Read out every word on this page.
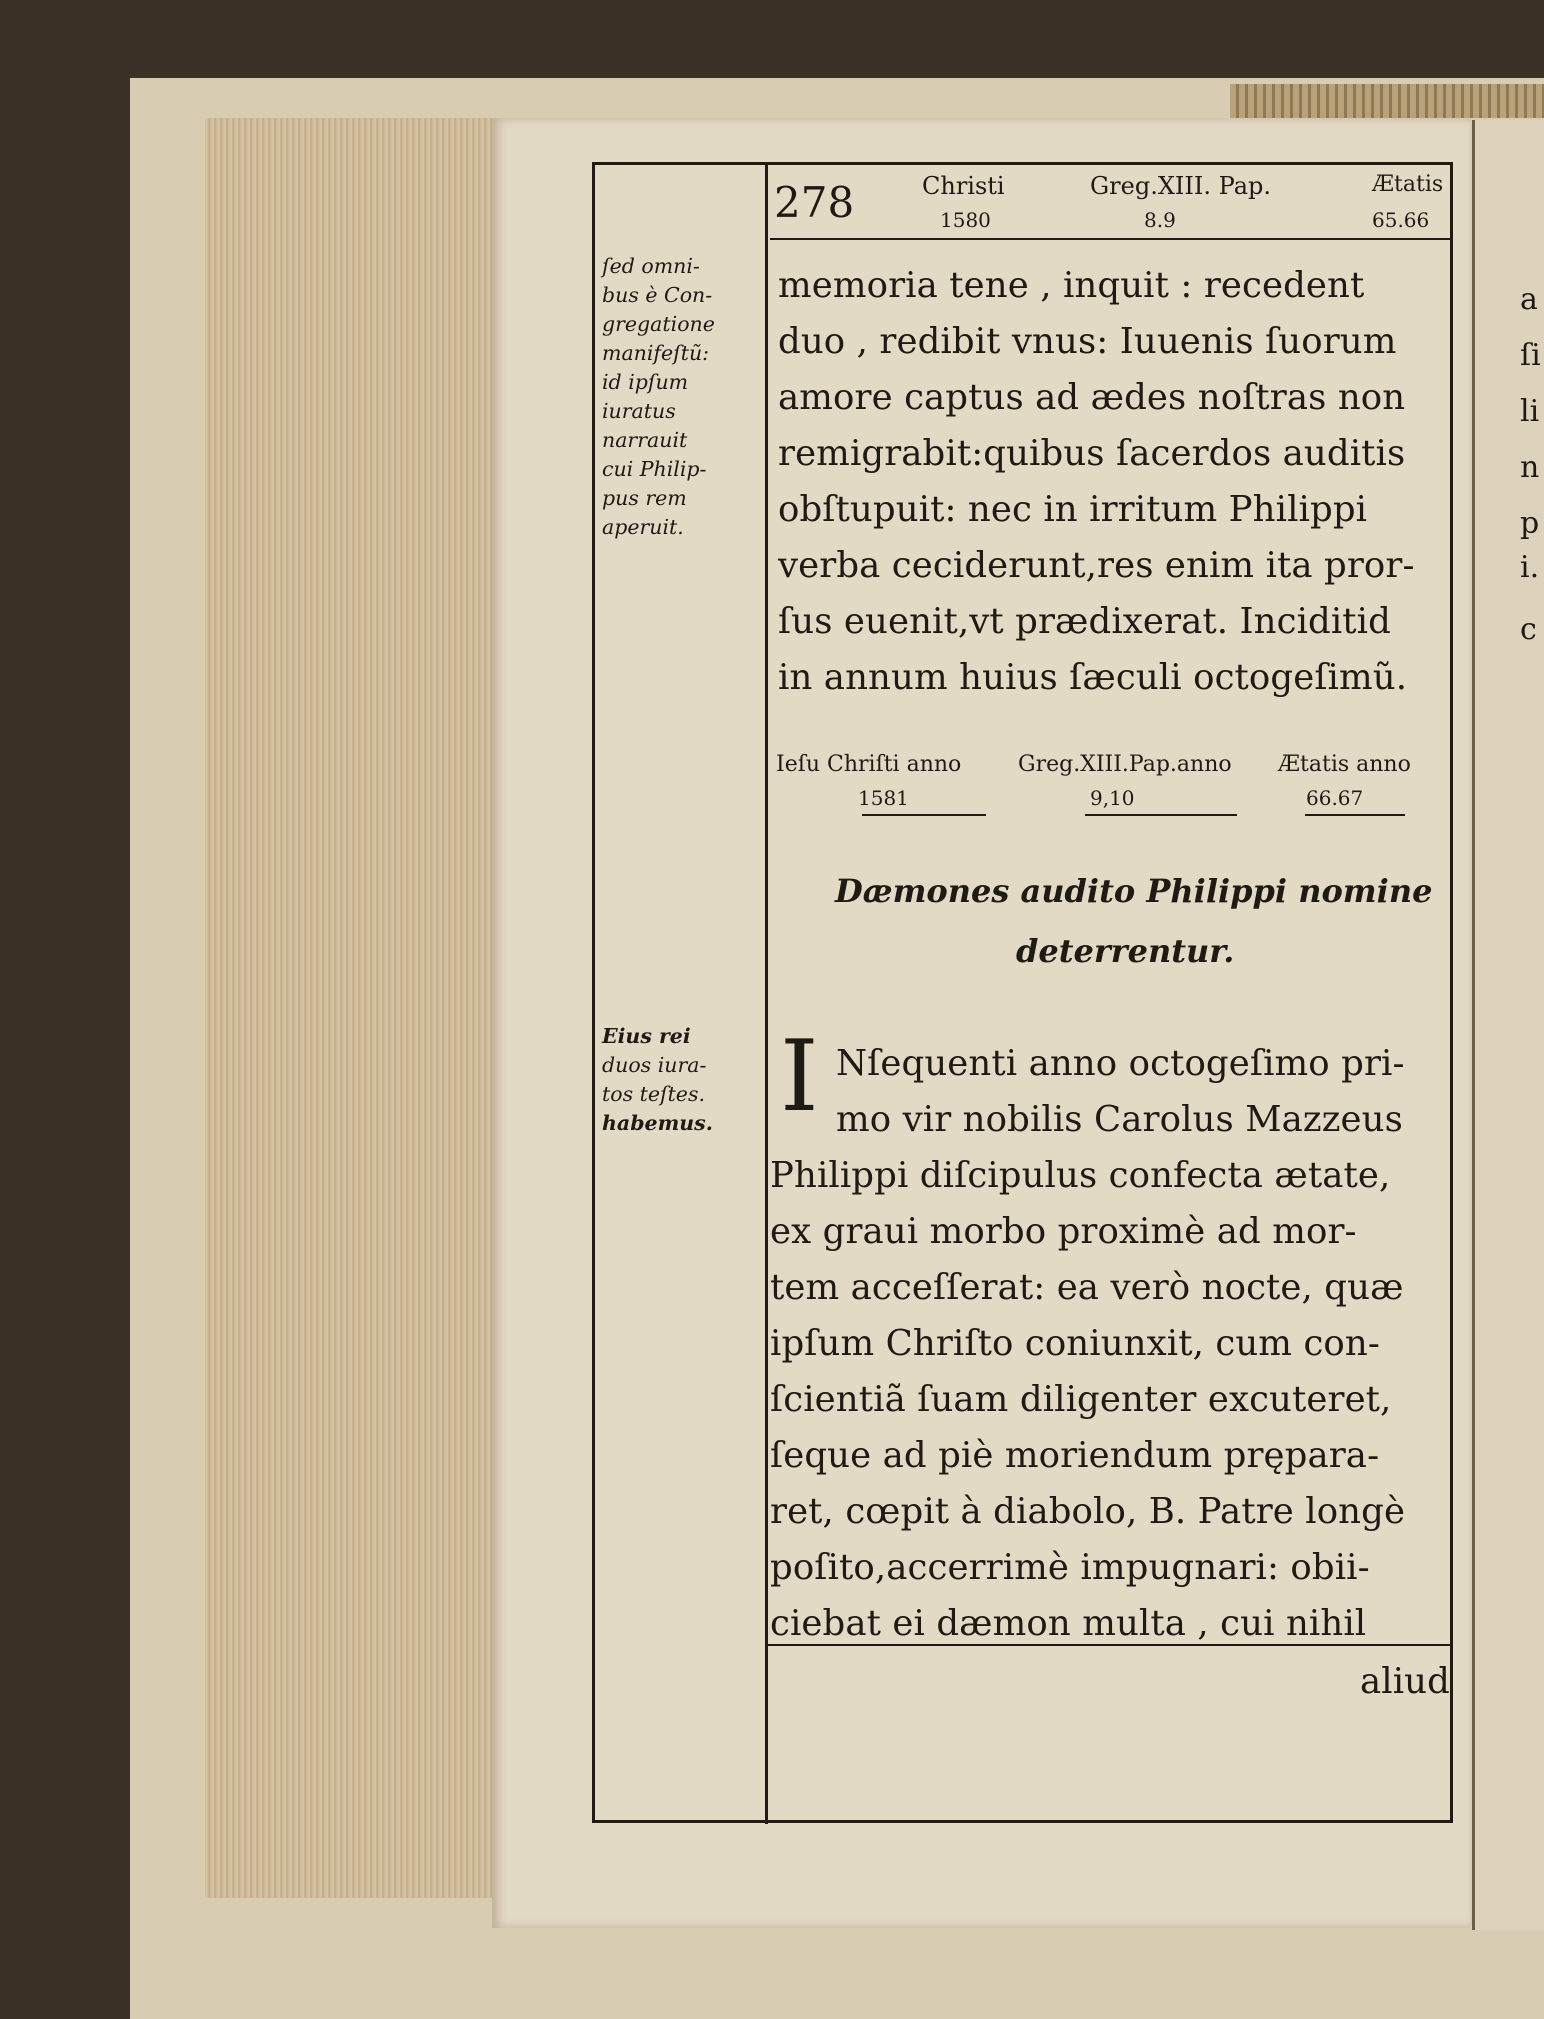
278	Christi
1580
Greg.XIII. Pap.
8.9
Ætatis
65.66
ſed omni-
bus è Con-
gregatione
manifeſtũ:
id ipſum
iuratus
narrauit
cui Philip-
pus rem
aperuit.
memoria tene , inquit : recedent
duo , redibit vnus: Iuuenis ſuorum
amore captus ad ædes noſtras non
remigrabit:quibus ſacerdos auditis
obſtupuit: nec in irritum Philippi
verba ceciderunt,res enim ita pror-
ſus euenit,vt prædixerat. Inciditid
in annum huius ſæculi octogeſimũ.
Ieſu Chriſti anno
1581
Greg.XIII.Pap.anno
9,10
Ætatis anno
66.67
Dæmones audito Philippi nomine
deterrentur.
Eius rei
duos iura-
tos teſtes.
habemus. I Nſequenti anno octogeſimo pri-
mo vir nobilis Carolus Mazzeus
Philippi diſcipulus confecta ætate,
ex graui morbo proximè ad mor-
tem acceſſerat: ea verò nocte, quæ
ipſum Chriſto coniunxit, cum con-
ſcientiã ſuam diligenter excuteret,
ſeque ad piè moriendum prępara-
ret, cœpit à diabolo, B. Patre longè
poſito,accerrimè impugnari: obii-
ciebat ei dæmon multa , cui nihil
aliud
a
ſi
li
n
p
i.
c
